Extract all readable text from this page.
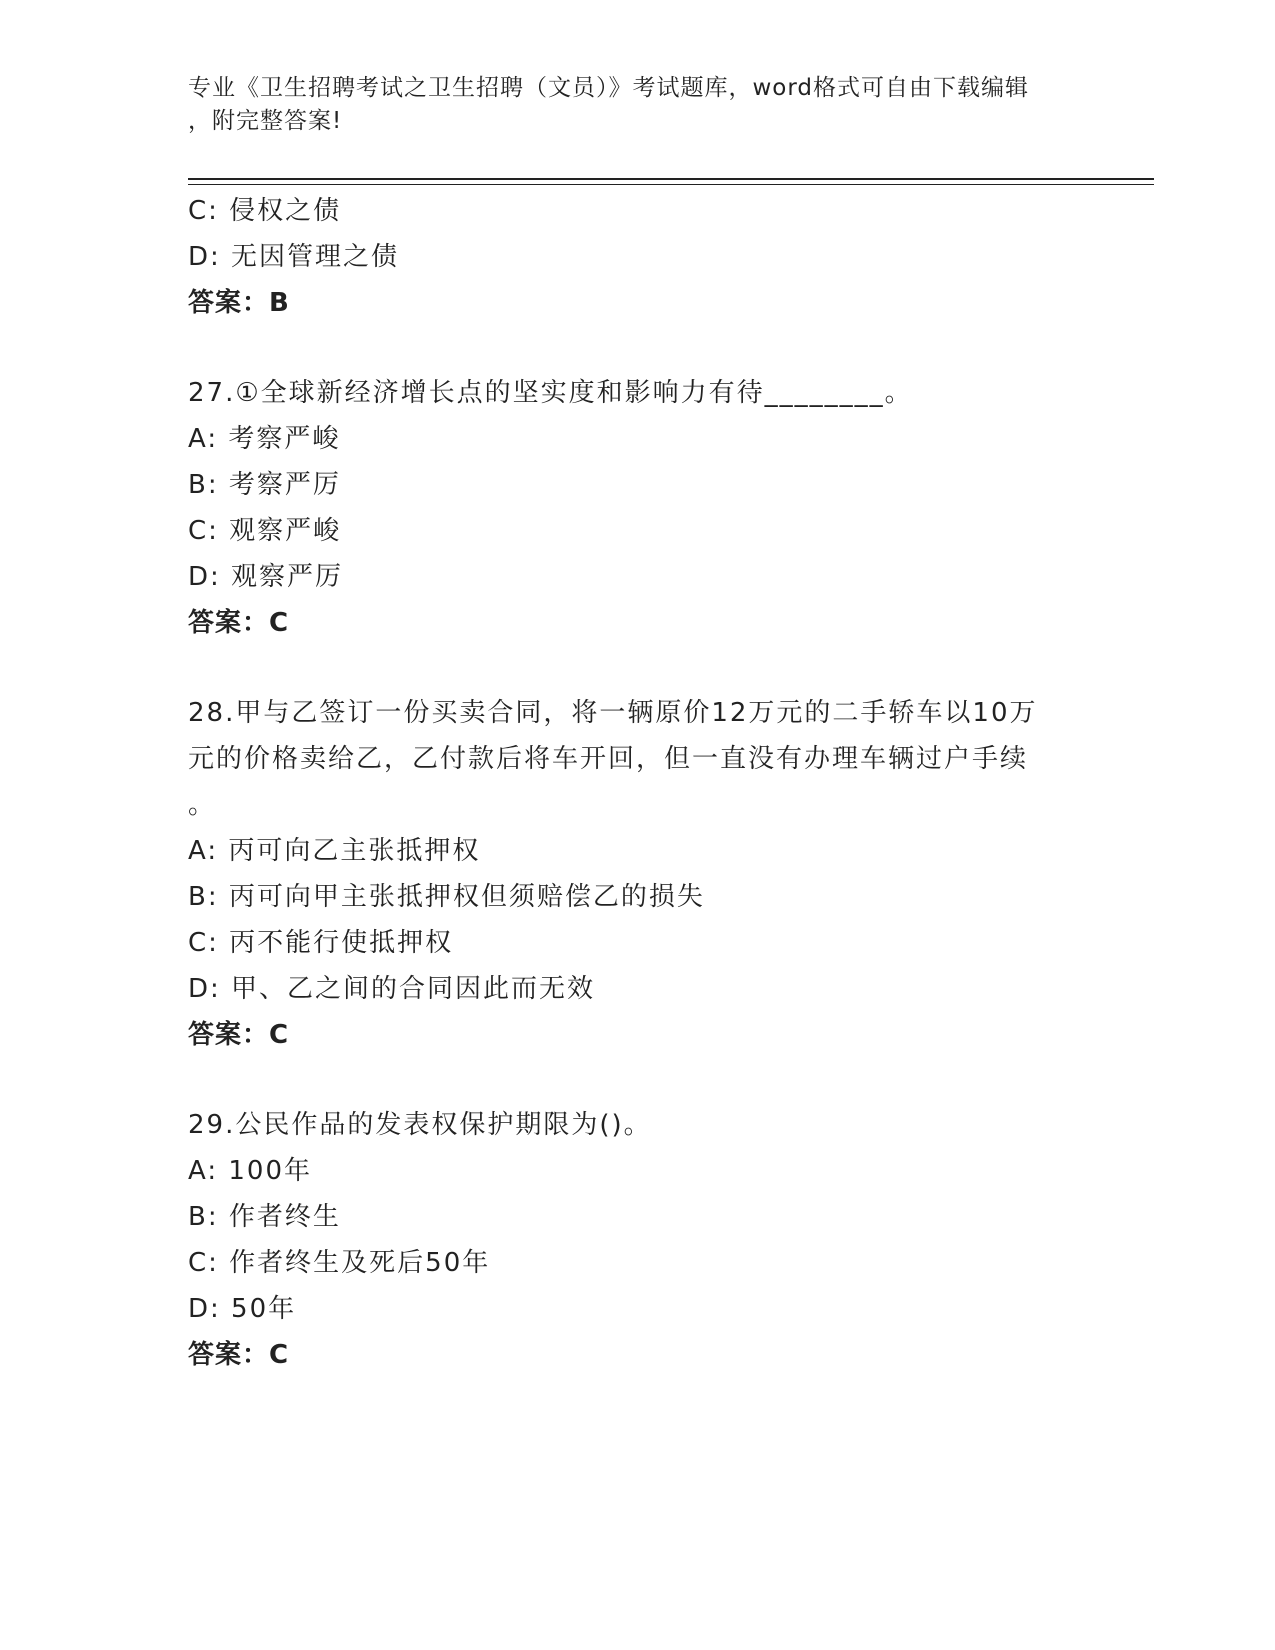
专业《卫生招聘考试之卫生招聘（文员）》考试题库，word格式可自由下载编辑
，附完整答案!
C: 侵权之债
D: 无因管理之债
答案：B
27.①全球新经济增长点的坚实度和影响力有待________。
A: 考察严峻
B: 考察严厉
C: 观察严峻
D: 观察严厉
答案：C
28.甲与乙签订一份买卖合同，将一辆原价12万元的二手轿车以10万
元的价格卖给乙，乙付款后将车开回，但一直没有办理车辆过户手续
。
A: 丙可向乙主张抵押权
B: 丙可向甲主张抵押权但须赔偿乙的损失
C: 丙不能行使抵押权
D: 甲、乙之间的合同因此而无效
答案：C
29.公民作品的发表权保护期限为()。
A: 100年
B: 作者终生
C: 作者终生及死后50年
D: 50年
答案：C
